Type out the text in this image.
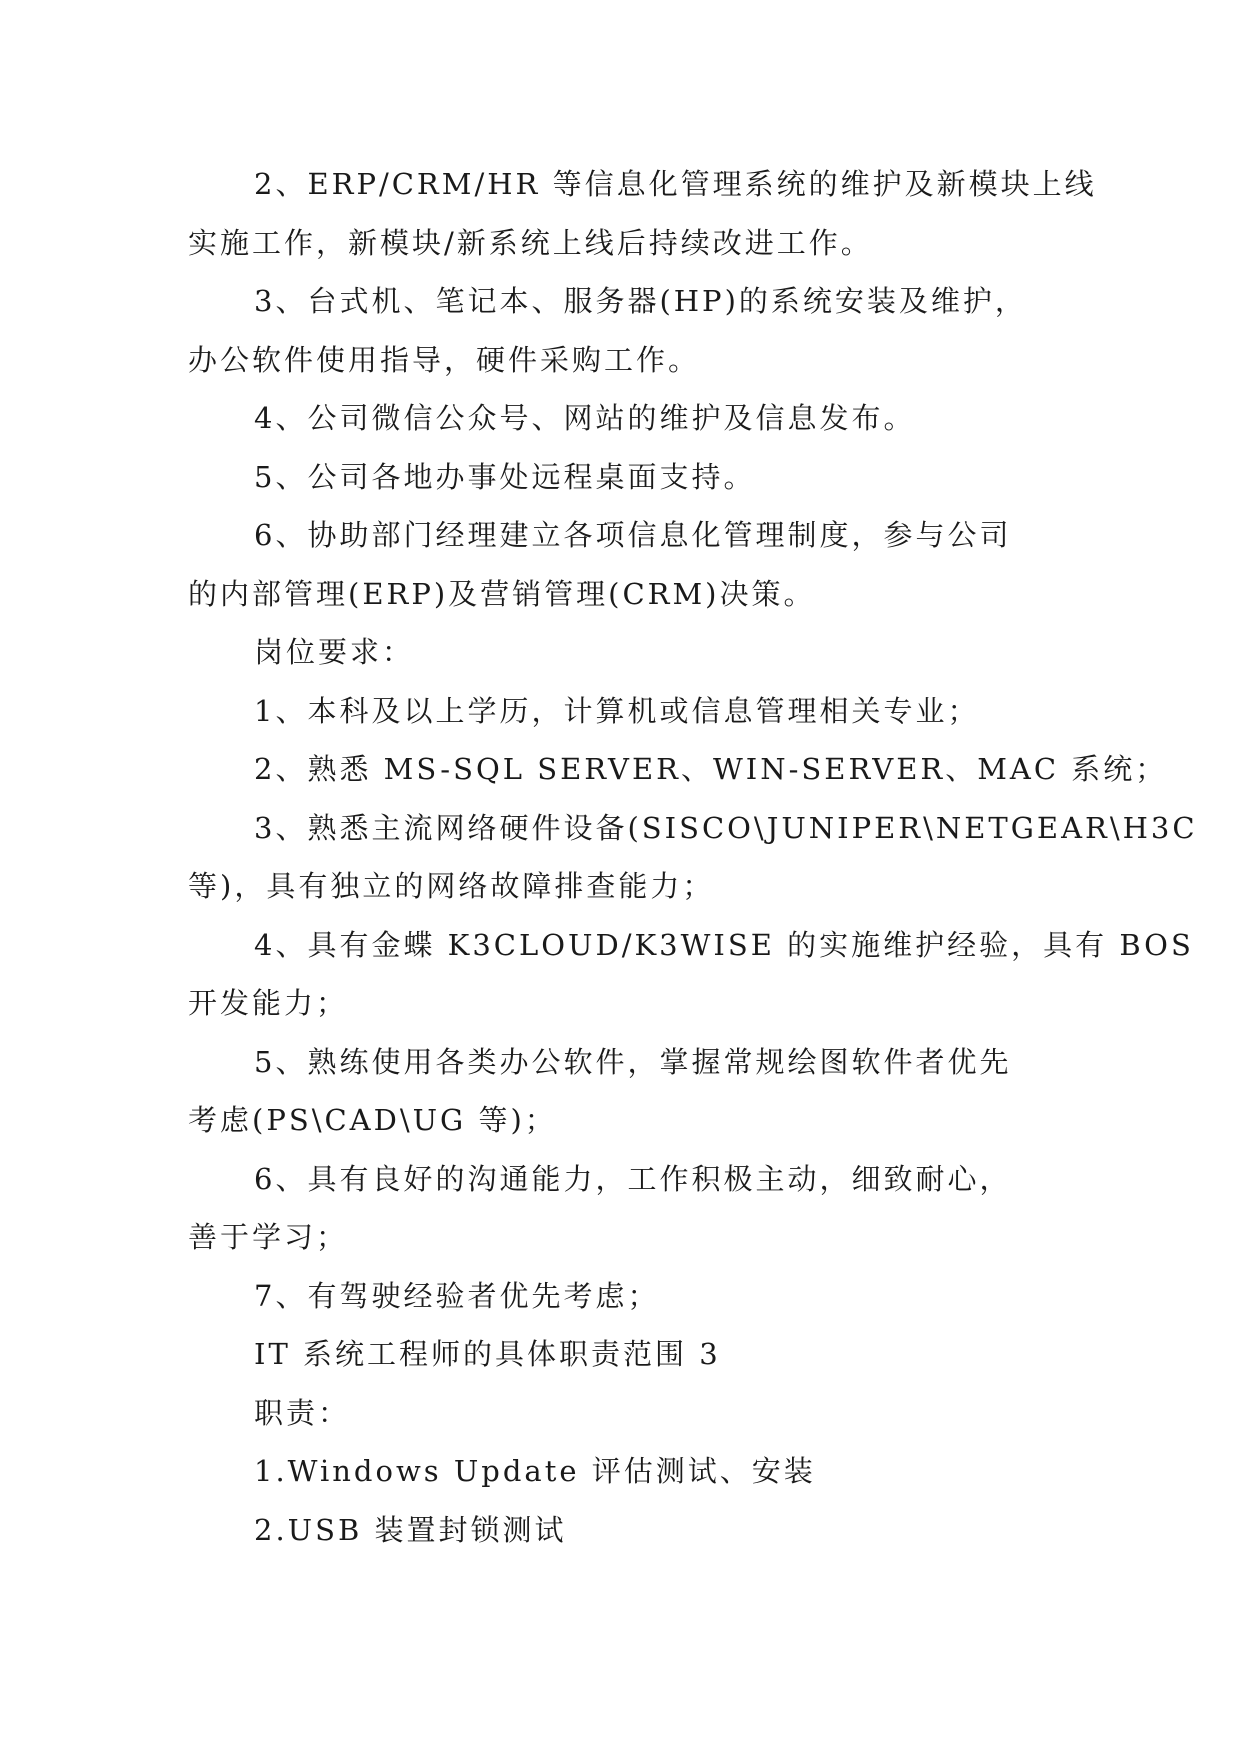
2、ERP/CRM/HR 等信息化管理系统的维护及新模块上线
实施工作，新模块/新系统上线后持续改进工作。
3、台式机、笔记本、服务器(HP)的系统安装及维护，
办公软件使用指导，硬件采购工作。
4、公司微信公众号、网站的维护及信息发布。
5、公司各地办事处远程桌面支持。
6、协助部门经理建立各项信息化管理制度，参与公司
的内部管理(ERP)及营销管理(CRM)决策。
岗位要求：
1、本科及以上学历，计算机或信息管理相关专业；
2、熟悉 MS-SQL SERVER、WIN-SERVER、MAC 系统；
3、熟悉主流网络硬件设备(SISCO\JUNIPER\NETGEAR\H3C
等)，具有独立的网络故障排查能力；
4、具有金蝶 K3CLOUD/K3WISE 的实施维护经验，具有 BOS
开发能力；
5、熟练使用各类办公软件，掌握常规绘图软件者优先
考虑(PS\CAD\UG 等)；
6、具有良好的沟通能力，工作积极主动，细致耐心，
善于学习；
7、有驾驶经验者优先考虑；
IT 系统工程师的具体职责范围 3
职责：
1.Windows Update 评估测试、安装
2.USB 装置封锁测试
